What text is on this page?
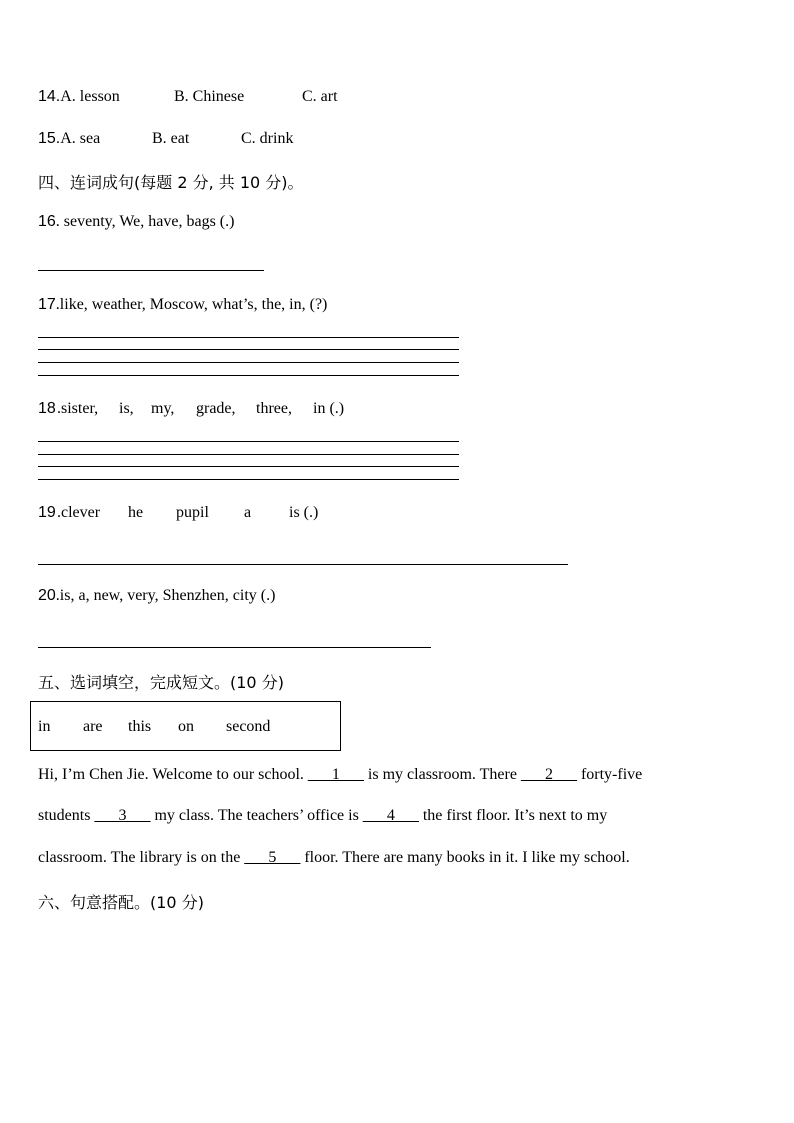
14.A. lesson	B. Chinese	C. art
15.A. sea	B. eat	C. drink
四、连词成句(每题 2 分, 共 10 分)。
16. seventy, We, have, bags (.)
17.like, weather, Moscow, what’s, the, in, (?)
18 .sister, is, my, grade, three, in (.)
19 .clever he pupil a is (.)
20.is, a, new, very, Shenzhen, city (.)
五、选词填空，完成短文。(10 分)
in are this on second
Hi, I’m Chen Jie. Welcome to our school. ___1___ is my classroom. There ___2___ forty-five
students ___3___ my class. The teachers’ office is ___4___ the first floor. It’s next to my
classroom. The library is on the ___5___ floor. There are many books in it. I like my school.
六、句意搭配。(10 分)
